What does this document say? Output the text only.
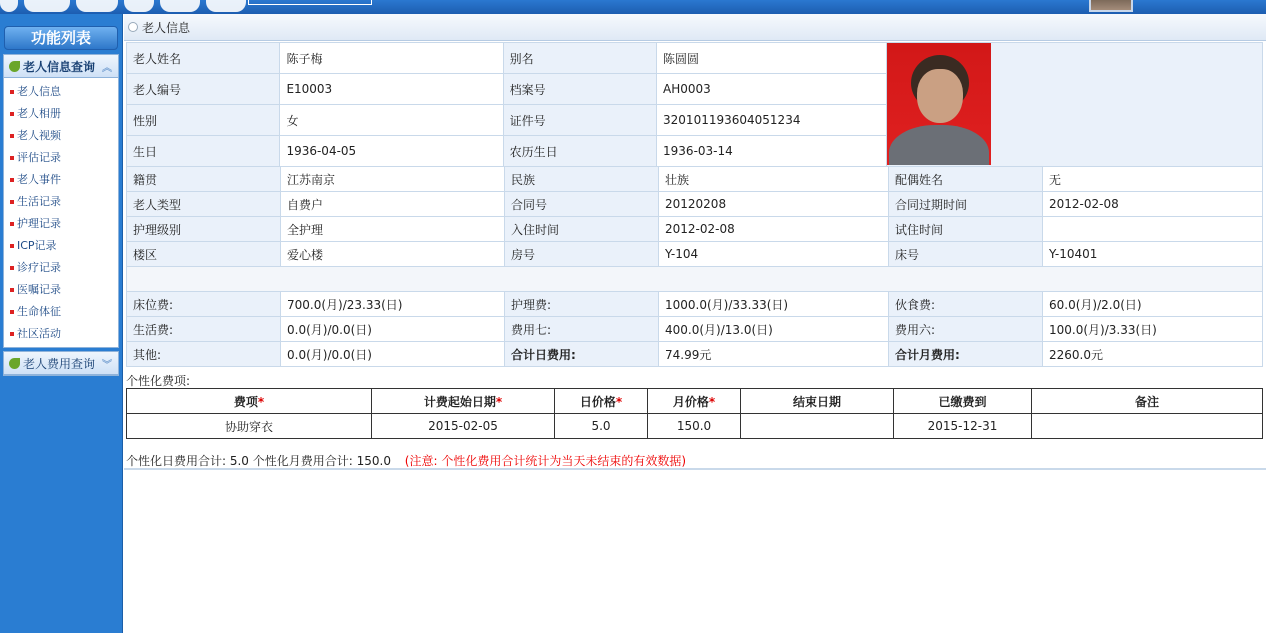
功能列表
老人信息查询 ︽
老人信息
老人相册
老人视频
评估记录
老人事件
生活记录
护理记录
ICP记录
诊疗记录
医嘱记录
生命体征
社区活动
老人费用查询 ︾
老人信息
老人姓名	陈子梅	别名	陈圆圆	

老人编号	E10003	档案号	AH0003	
性别	女	证件号	320101193604051234	
生日	1936-04-05	农历生日	1936-03-14	
籍贯	江苏南京	民族	壮族	配偶姓名	无
老人类型	自费户	合同号	20120208	合同过期时间	2012-02-08
护理级别	全护理	入住时间	2012-02-08	试住时间	
楼区	爱心楼	房号	Y-104	床号	Y-10401

床位费:	700.0(月)/23.33(日)	护理费:	1000.0(月)/33.33(日)	伙食费:	60.0(月)/2.0(日)
生活费:	0.0(月)/0.0(日)	费用七:	400.0(月)/13.0(日)	费用六:	100.0(月)/3.33(日)
其他:	0.0(月)/0.0(日)	合计日费用:	74.99元	合计月费用:	2260.0元
个性化费项:
费项*	计费起始日期*	日价格*	月价格*	结束日期	已缴费到	备注
协助穿衣	2015-02-05	5.0	150.0		2015-12-31	
个性化日费用合计: 5.0 个性化月费用合计: 150.0 (注意: 个性化费用合计统计为当天未结束的有效数据)
